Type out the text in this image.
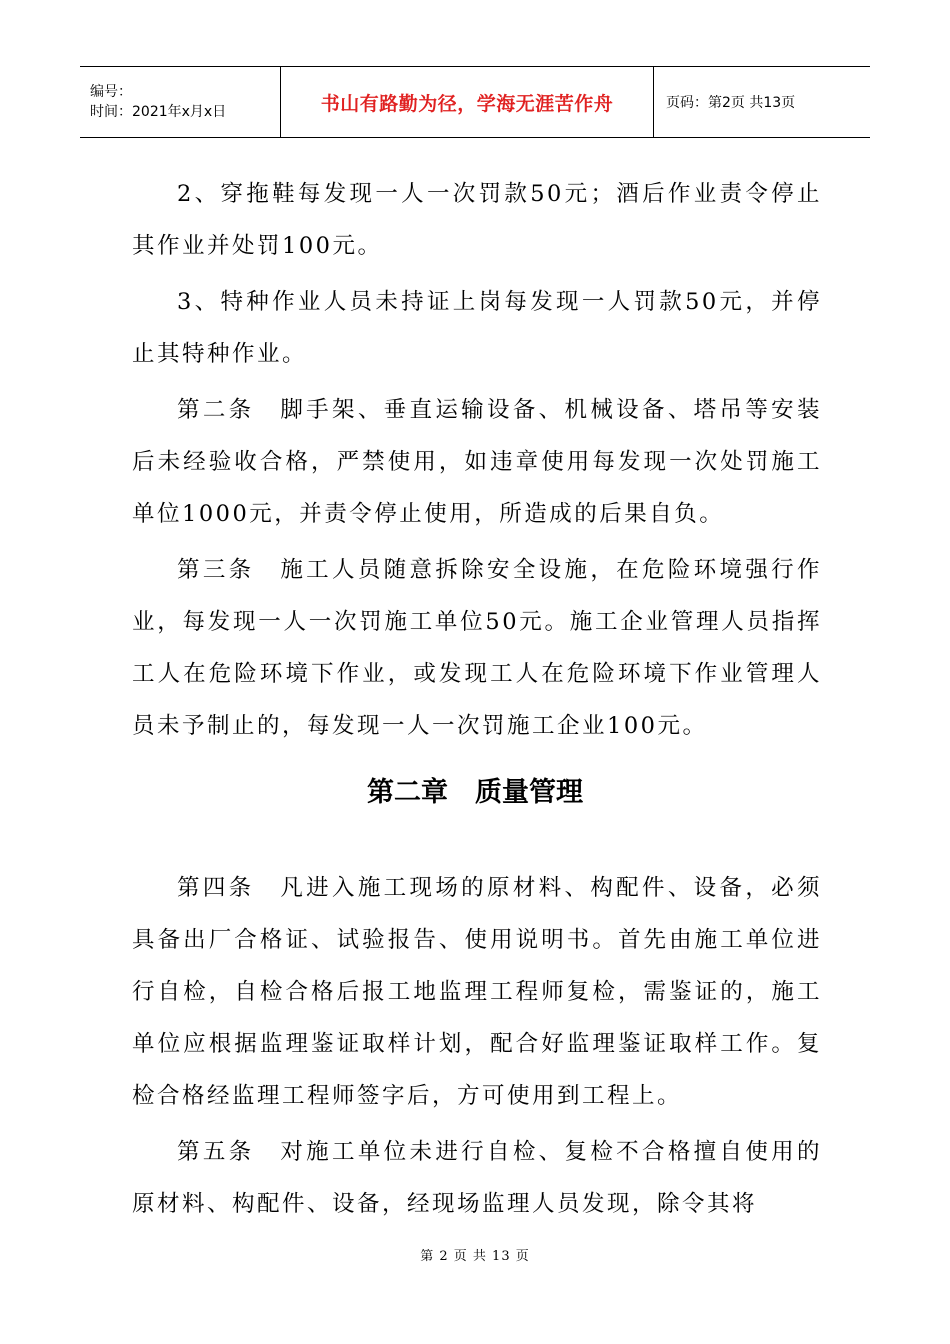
编号：
时间：2021年x月x日	书山有路勤为径，学海无涯苦作舟	页码：第2页 共13页

2、穿拖鞋每发现一人一次罚款50元；酒后作业责令停止其作业并处罚100元。

3、特种作业人员未持证上岗每发现一人罚款50元，并停止其特种作业。

第二条　脚手架、垂直运输设备、机械设备、塔吊等安装后未经验收合格，严禁使用，如违章使用每发现一次处罚施工单位1000元，并责令停止使用，所造成的后果自负。

第三条　施工人员随意拆除安全设施，在危险环境强行作业，每发现一人一次罚施工单位50元。施工企业管理人员指挥工人在危险环境下作业，或发现工人在危险环境下作业管理人员未予制止的，每发现一人一次罚施工企业100元。

第二章　质量管理

第四条　凡进入施工现场的原材料、构配件、设备，必须具备出厂合格证、试验报告、使用说明书。首先由施工单位进行自检，自检合格后报工地监理工程师复检，需鉴证的，施工单位应根据监理鉴证取样计划，配合好监理鉴证取样工作。复检合格经监理工程师签字后，方可使用到工程上。

第五条　对施工单位未进行自检、复检不合格擅自使用的原材料、构配件、设备，经现场监理人员发现，除令其将

第 2 页 共 13 页
